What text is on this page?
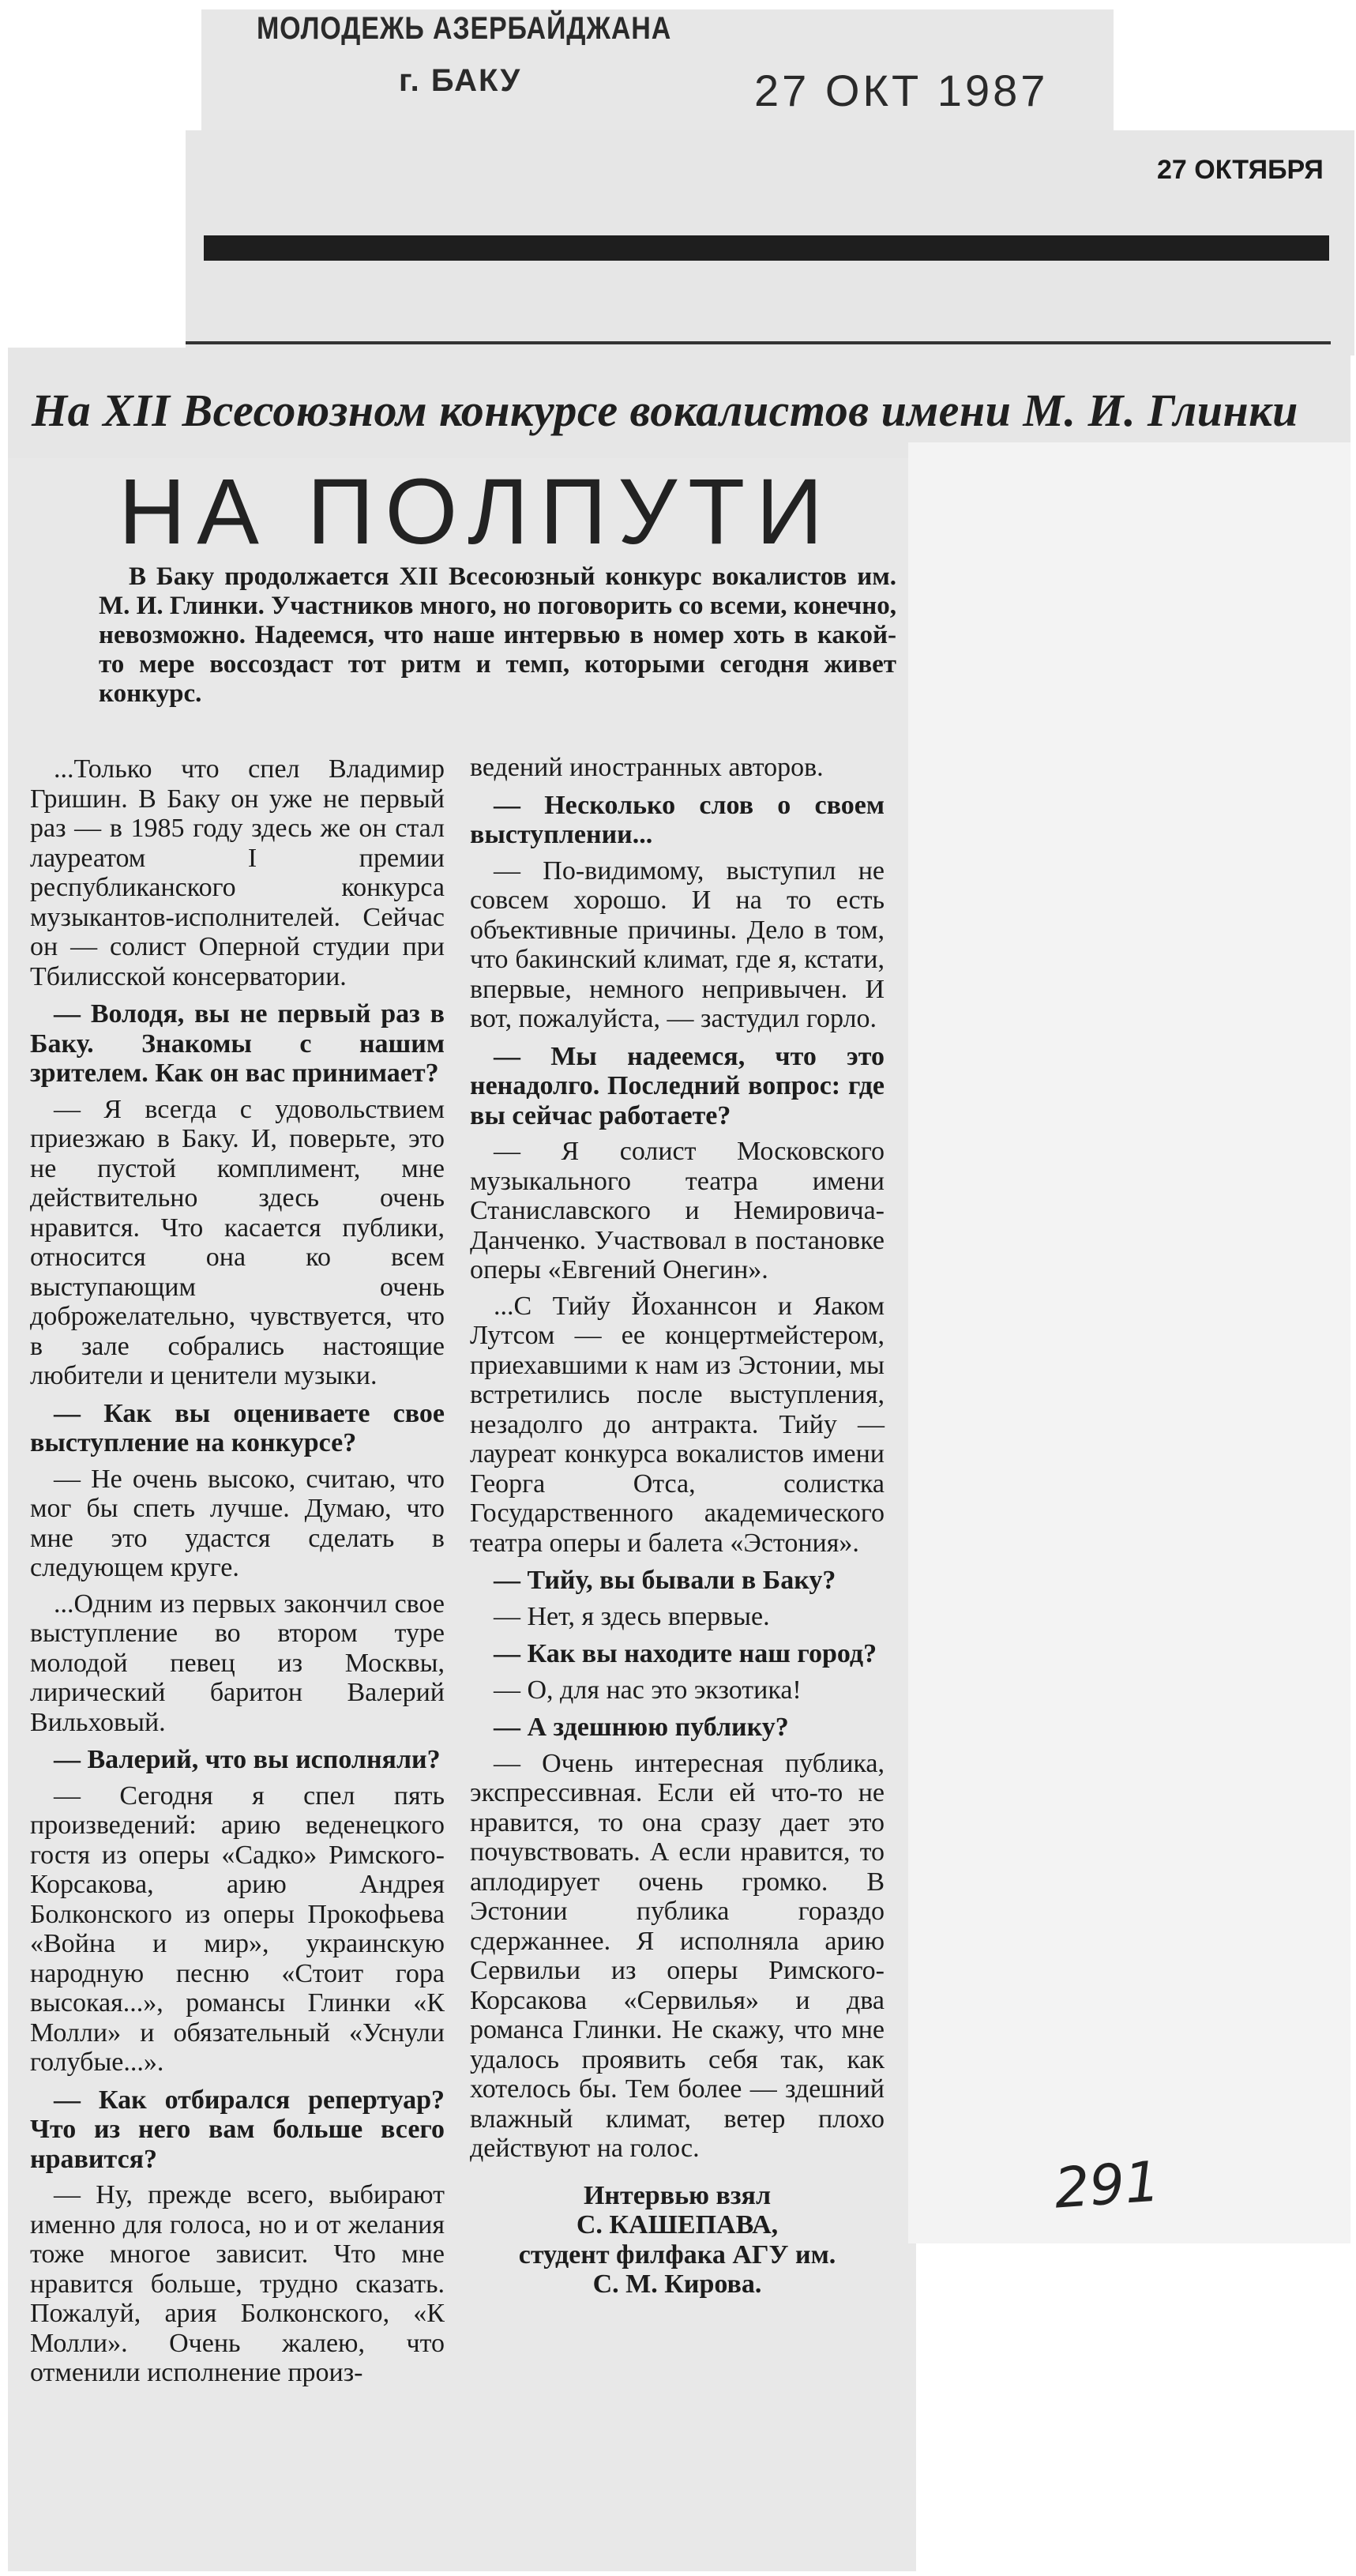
МОЛОДЕЖЬ АЗЕРБАЙДЖАНА
г. БАКУ	27 ОКТ 1987
27 ОКТЯБРЯ
На XII Всесоюзном конкурсе вокалистов имени М. И. Глинки
НА ПОЛПУТИ

В Баку продолжается XII Всесоюзный конкурс вокалистов им. М. И. Глинки. Участников много, но поговорить со всеми, конечно, невозможно. Надеемся, что наше интервью в номер хоть в какой-то мере воссоздаст тот ритм и темп, которыми сегодня живет конкурс.

...Только что спел Владимир Гришин. В Баку он уже не первый раз — в 1985 году здесь же он стал лауреатом I премии республиканского конкурса музыкантов-исполнителей. Сейчас он — солист Оперной студии при Тбилисской консерватории.

— Володя, вы не первый раз в Баку. Знакомы с нашим зрителем. Как он вас принимает?

— Я всегда с удовольствием приезжаю в Баку. И, поверьте, это не пустой комплимент, мне действительно здесь очень нравится. Что касается публики, относится она ко всем выступающим очень доброжелательно, чувствуется, что в зале собрались настоящие любители и ценители музыки.

— Как вы оцениваете свое выступление на конкурсе?

— Не очень высоко, считаю, что мог бы спеть лучше. Думаю, что мне это удастся сделать в следующем круге.

...Одним из первых закончил свое выступление во втором туре молодой певец из Москвы, лирический баритон Валерий Вильховый.

— Валерий, что вы исполняли?

— Сегодня я спел пять произведений: арию веденецкого гостя из оперы «Садко» Римского-Корсакова, арию Андрея Болконского из оперы Прокофьева «Война и мир», украинскую народную песню «Стоит гора высокая...», романсы Глинки «К Молли» и обязательный «Уснули голубые...».

— Как отбирался репертуар? Что из него вам больше всего нравится?

— Ну, прежде всего, выбирают именно для голоса, но и от желания тоже многое зависит. Что мне нравится больше, трудно сказать. Пожалуй, ария Болконского, «К Молли». Очень жалею, что отменили исполнение произ-

ведений иностранных авторов.

— Несколько слов о своем выступлении...

— По-видимому, выступил не совсем хорошо. И на то есть объективные причины. Дело в том, что бакинский климат, где я, кстати, впервые, немного непривычен. И вот, пожалуйста, — застудил горло.

— Мы надеемся, что это ненадолго. Последний вопрос: где вы сейчас работаете?

— Я солист Московского музыкального театра имени Станиславского и Немировича-Данченко. Участвовал в постановке оперы «Евгений Онегин».

...С Тийу Йоханнсон и Яаком Лутсом — ее концертмейстером, приехавшими к нам из Эстонии, мы встретились после выступления, незадолго до антракта. Тийу — лауреат конкурса вокалистов имени Георга Отса, солистка Государственного академического театра оперы и балета «Эстония».

— Тийу, вы бывали в Баку?

— Нет, я здесь впервые.

— Как вы находите наш город?

— О, для нас это экзотика!

— А здешнюю публику?

— Очень интересная публика, экспрессивная. Если ей что-то не нравится, то она сразу дает это почувствовать. А если нравится, то аплодирует очень громко. В Эстонии публика гораздо сдержаннее. Я исполняла арию Сервильи из оперы Римского-Корсакова «Сервилья» и два романса Глинки. Не скажу, что мне удалось проявить себя так, как хотелось бы. Тем более — здешний влажный климат, ветер плохо действуют на голос.

Интервью взял
С. КАШЕПАВА,
студент филфака АГУ им.
С. М. Кирова.

291
